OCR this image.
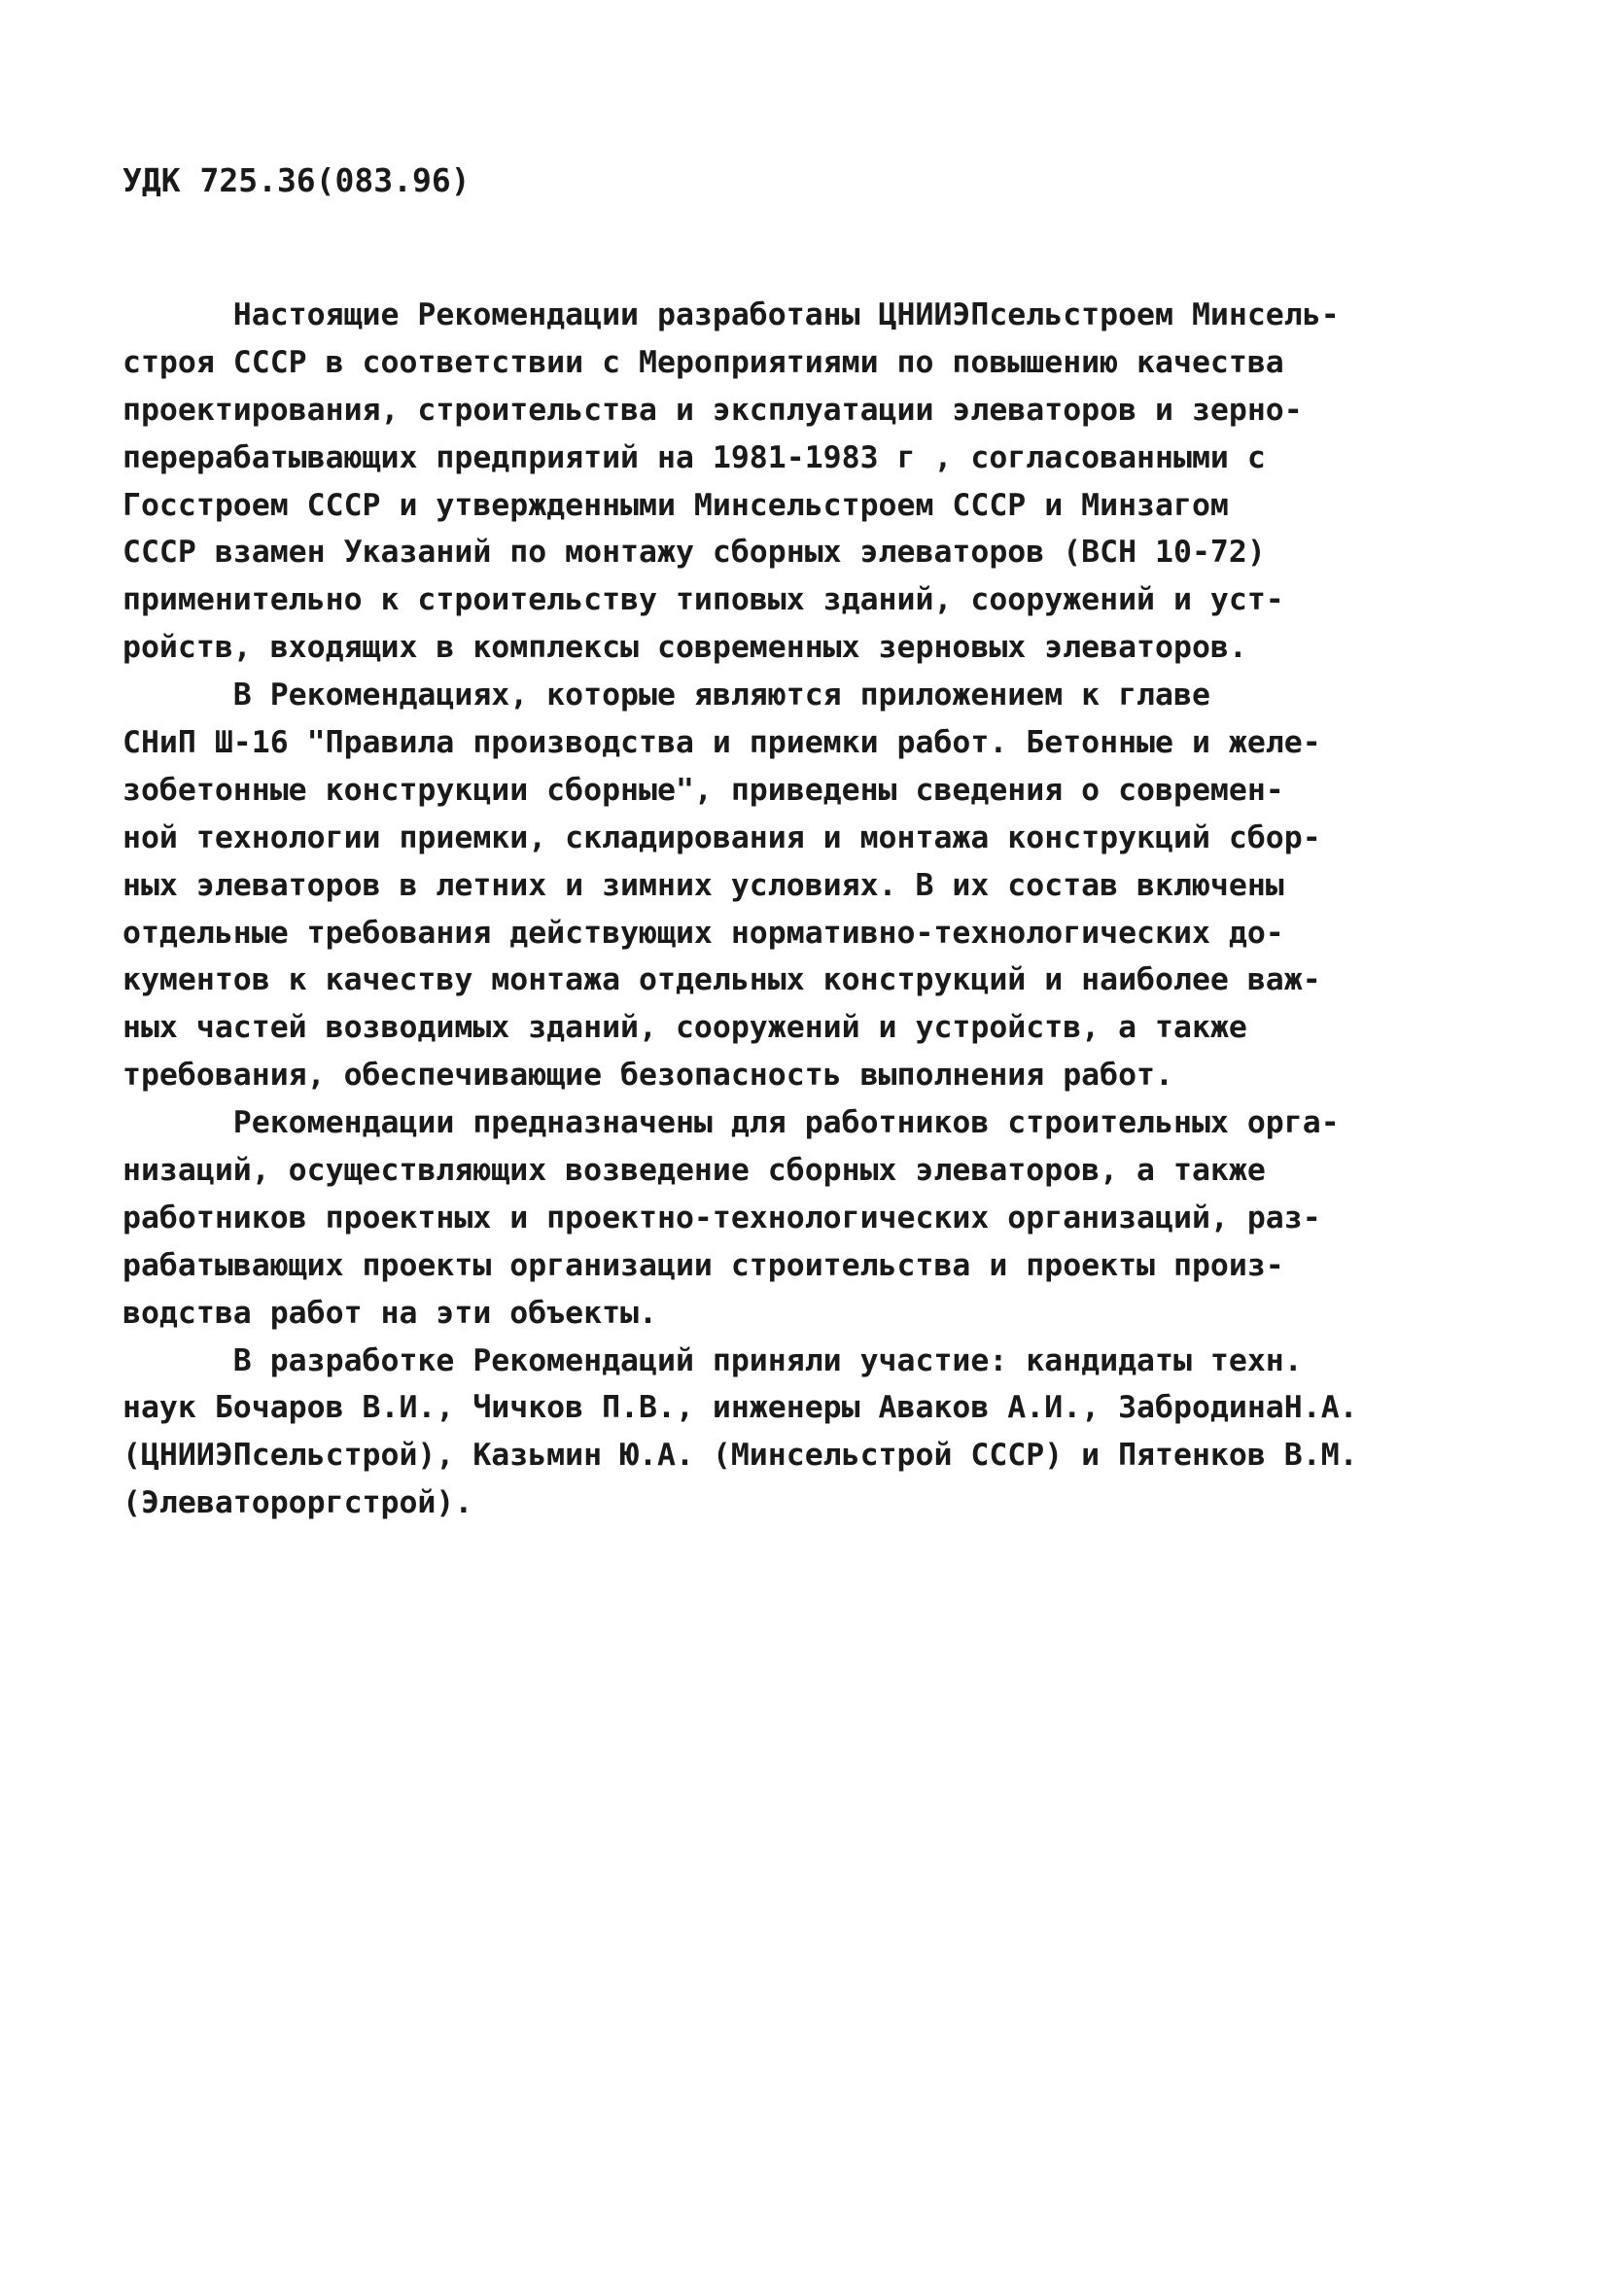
УДК 725.36(083.96)
Настоящие Рекомендации разработаны ЦНИИЭПсельстроем Минсель-
строя СССР в соответствии с Мероприятиями по повышению качества
проектирования, строительства и эксплуатации элеваторов и зерно-
перерабатывающих предприятий на 1981-1983 г , согласованными с
Госстроем СССР и утвержденными Минсельстроем СССР и Минзагом
СССР взамен Указаний по монтажу сборных элеваторов (ВСН 10-72)
применительно к строительству типовых зданий, сооружений и уст-
ройств, входящих в комплексы современных зерновых элеваторов.
В Рекомендациях, которые являются приложением к главе
СНиП Ш-16 "Правила производства и приемки работ. Бетонные и желе-
зобетонные конструкции сборные", приведены сведения о современ-
ной технологии приемки, складирования и монтажа конструкций сбор-
ных элеваторов в летних и зимних условиях. В их состав включены
отдельные требования действующих нормативно-технологических до-
кументов к качеству монтажа отдельных конструкций и наиболее важ-
ных частей возводимых зданий, сооружений и устройств, а также
требования, обеспечивающие безопасность выполнения работ.
Рекомендации предназначены для работников строительных орга-
низаций, осуществляющих возведение сборных элеваторов, а также
работников проектных и проектно-технологических организаций, раз-
рабатывающих проекты организации строительства и проекты произ-
водства работ на эти объекты.
В разработке Рекомендаций приняли участие: кандидаты техн.
наук Бочаров В.И., Чичков П.В., инженеры Аваков А.И., ЗабродинаН.А.
(ЦНИИЭПсельстрой), Казьмин Ю.А. (Минсельстрой СССР) и Пятенков В.М.
(Элеватороргстрой).
